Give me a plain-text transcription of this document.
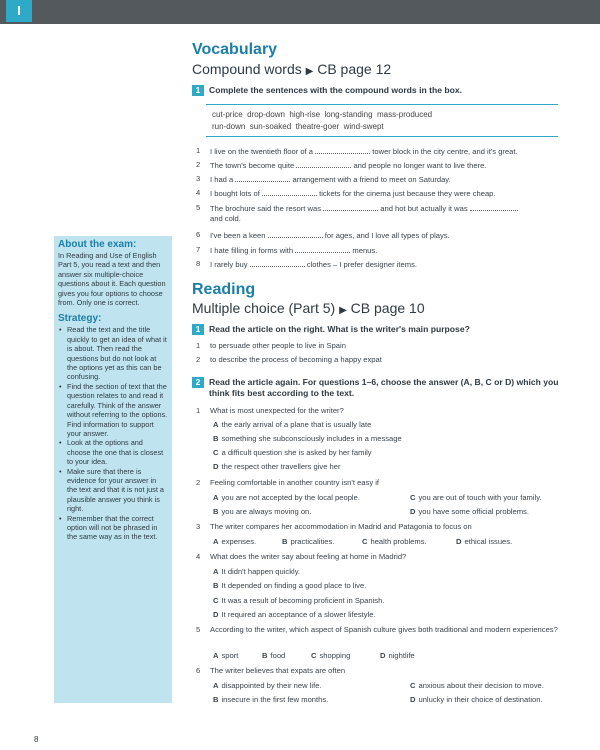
I
Vocabulary
Compound words ▶ CB page 12
1 Complete the sentences with the compound words in the box.
cut-price  drop-down  high-rise  long-standing  mass-produced
run-down  sun-soaked  theatre-goer  wind-swept
1 I live on the twentieth floor of a	tower block in the city centre, and it's great.
2 The town's become quite	and people no longer want to live there.
3 I had a	arrangement with a friend to meet on Saturday.
4 I bought lots of	tickets for the cinema just because they were cheap.
5 The brochure said the resort was	and hot but actually it was
and cold.
6 I've been a keen	for ages, and I love all types of plays.
7 I hate filling in forms with	menus.
8 I rarely buy	clothes – I prefer designer items.
About the exam:
In Reading and Use of English Part 5, you read a text and then answer six multiple-choice questions about it. Each question gives you four options to choose from. Only one is correct.
Strategy:
• Read the text and the title quickly to get an idea of what it is about. Then read the questions but do not look at the options yet as this can be confusing.
• Find the section of text that the question relates to and read it carefully. Think of the answer without referring to the options. Find information to support your answer.
• Look at the options and choose the one that is closest to your idea.
• Make sure that there is evidence for your answer in the text and that it is not just a plausible answer you think is right.
• Remember that the correct option will not be phrased in the same way as in the text.
Reading
Multiple choice (Part 5) ▶ CB page 10
1 Read the article on the right. What is the writer's main purpose?
1 to persuade other people to live in Spain
2 to describe the process of becoming a happy expat
2 Read the article again. For questions 1–6, choose the answer (A, B, C or D) which you think fits best according to the text.
1 What is most unexpected for the writer?
A the early arrival of a plane that is usually late
B something she subconsciously includes in a message
C a difficult question she is asked by her family
D the respect other travellers give her
2 Feeling comfortable in another country isn't easy if
A you are not accepted by the local people.	C you are out of touch with your family.
B you are always moving on.	D you have some official problems.
3 The writer compares her accommodation in Madrid and Patagonia to focus on
A expenses.	B practicalities.	C health problems.	D ethical issues.
4 What does the writer say about feeling at home in Madrid?
A It didn't happen quickly.
B It depended on finding a good place to live.
C It was a result of becoming proficient in Spanish.
D It required an acceptance of a slower lifestyle.
5 According to the writer, which aspect of Spanish culture gives both traditional and modern experiences?
A sport	B food	C shopping	D nightlife
6 The writer believes that expats are often
A disappointed by their new life.	C anxious about their decision to move.
B insecure in the first few months.	D unlucky in their choice of destination.
8
